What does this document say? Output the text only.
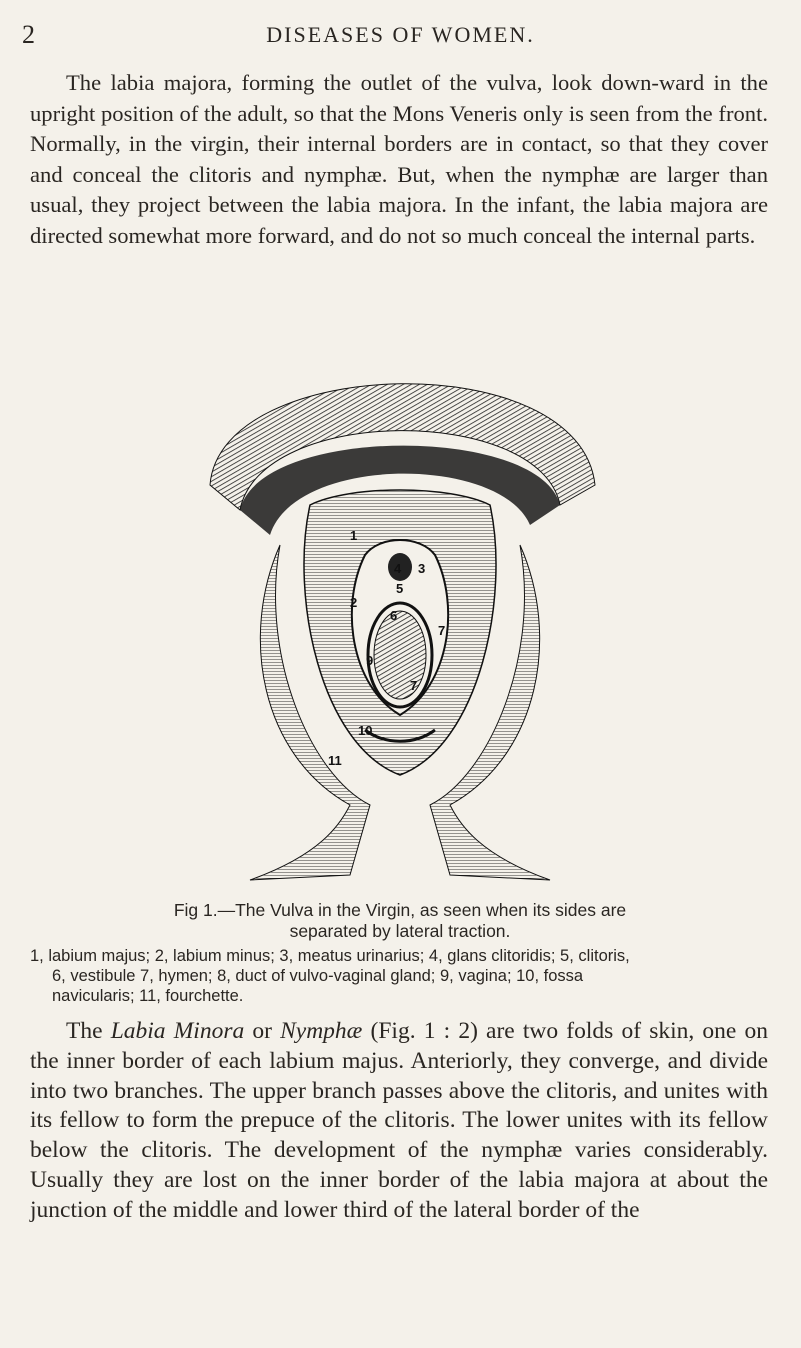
2	DISEASES OF WOMEN.

The labia majora, forming the outlet of the vulva, look down-ward in the upright position of the adult, so that the Mons Veneris only is seen from the front. Normally, in the virgin, their internal borders are in contact, so that they cover and conceal the clitoris and nymphæ. But, when the nymphæ are larger than usual, they project between the labia majora. In the infant, the labia majora are directed somewhat more forward, and do not so much conceal the internal parts.

1
2
3
4
5
6
7
7
9
10
11

Fig 1.—The Vulva in the Virgin, as seen when its sides are
separated by lateral traction.

1, labium majus; 2, labium minus; 3, meatus urinarius; 4, glans clitoridis; 5, clitoris,
6, vestibule 7, hymen; 8, duct of vulvo-vaginal gland; 9, vagina; 10, fossa
navicularis; 11, fourchette.

The Labia Minora or Nymphæ (Fig. 1 : 2) are two folds of skin, one on the inner border of each labium majus. Anteriorly, they converge, and divide into two branches. The upper branch passes above the clitoris, and unites with its fellow to form the prepuce of the clitoris. The lower unites with its fellow below the clitoris. The development of the nymphæ varies considerably. Usually they are lost on the inner border of the labia majora at about the junction of the middle and lower third of the lateral border of the
